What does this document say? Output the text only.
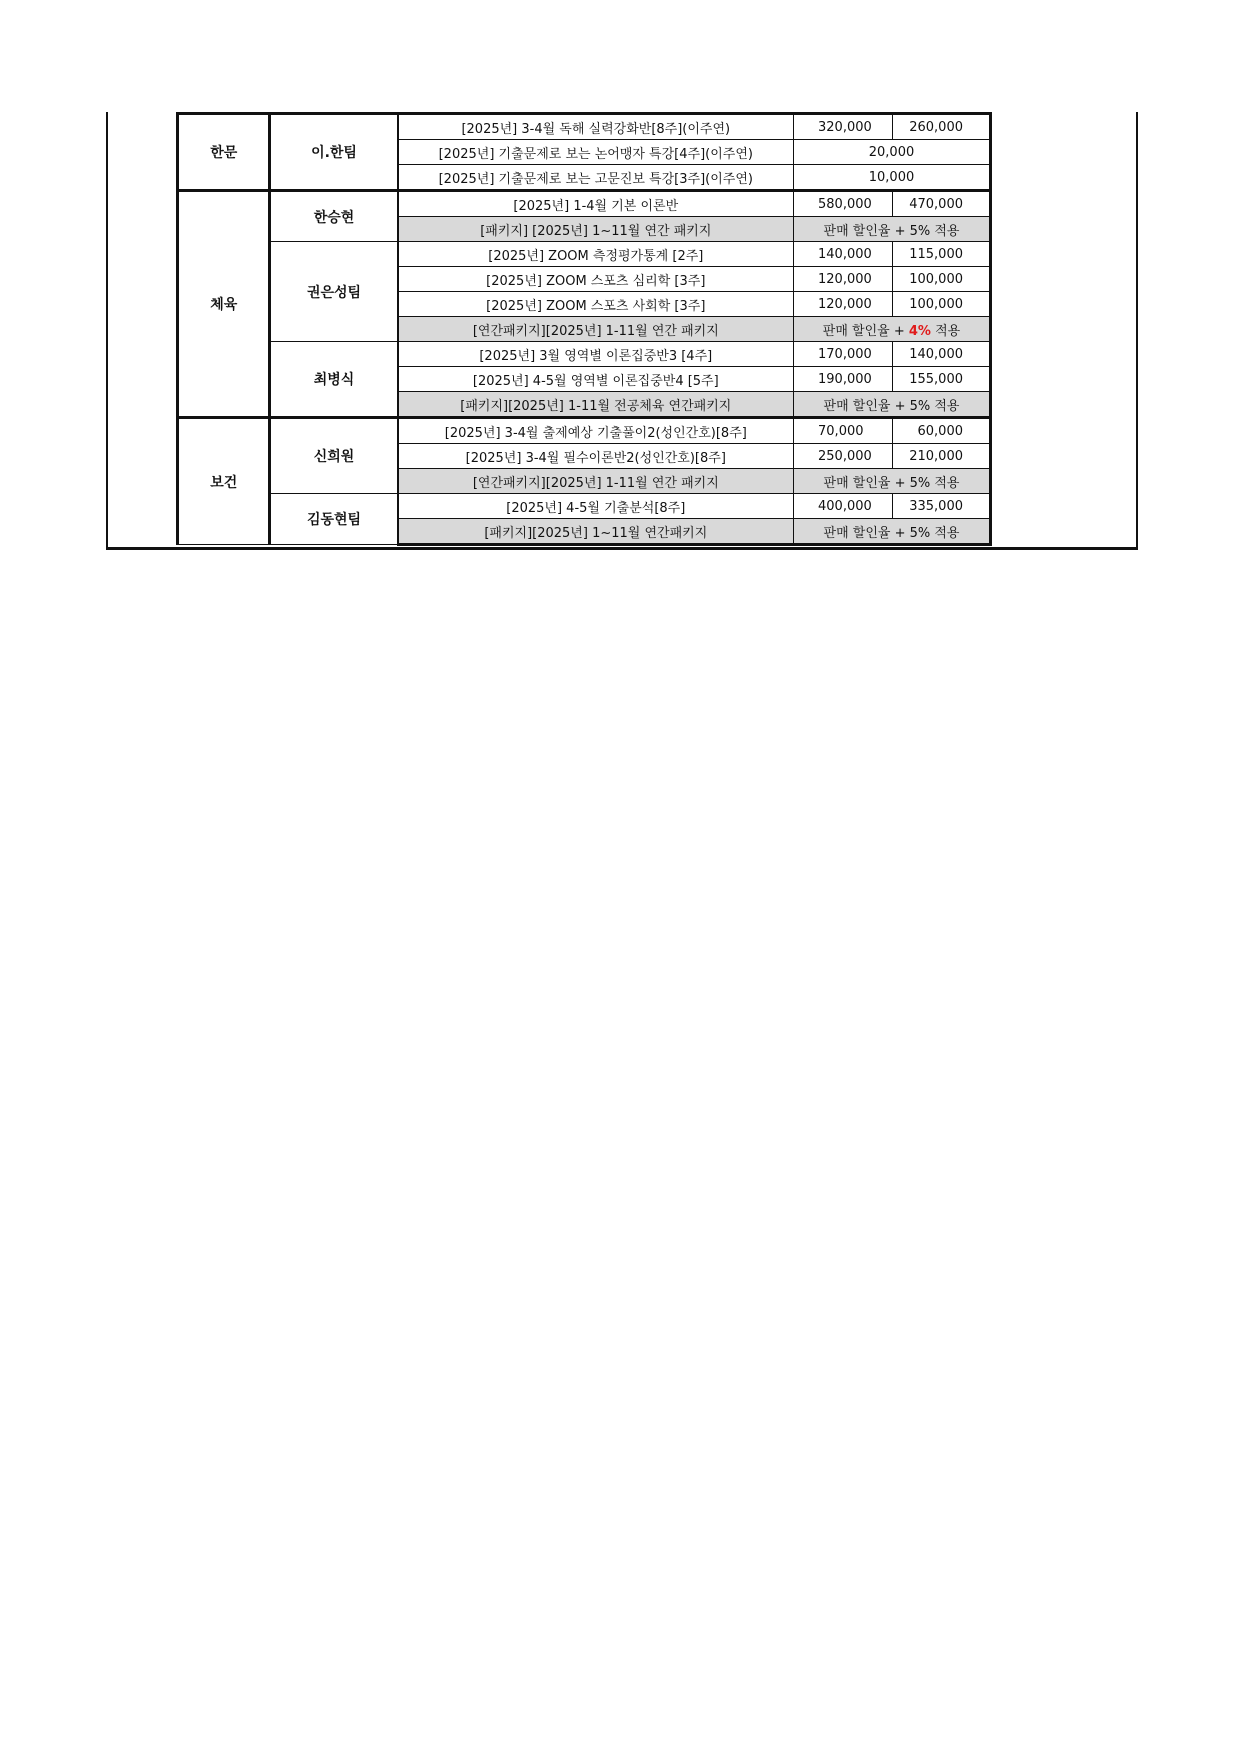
한문	이.한팀	[2025년] 3-4월 독해 실력강화반[8주](이주연)	320,000	260,000
		[2025년] 기출문제로 보는 논어맹자 특강[4주](이주연)	20,000	
		[2025년] 기출문제로 보는 고문진보 특강[3주](이주연)	10,000	
체육	한승현	[2025년] 1-4월 기본 이론반	580,000	470,000
		[패키지] [2025년] 1~11월 연간 패키지	판매 할인율 + 5% 적용	
	권은성팀	[2025년] ZOOM 측정평가통계 [2주]	140,000	115,000
		[2025년] ZOOM 스포츠 심리학 [3주]	120,000	100,000
		[2025년] ZOOM 스포츠 사회학 [3주]	120,000	100,000
		[연간패키지][2025년] 1-11월 연간 패키지	판매 할인율 + 4% 적용	
	최병식	[2025년] 3월 영역별 이론집중반3 [4주]	170,000	140,000
		[2025년] 4-5월 영역별 이론집중반4 [5주]	190,000	155,000
		[패키지][2025년] 1-11월 전공체육 연간패키지	판매 할인율 + 5% 적용	
보건	신희원	[2025년] 3-4월 출제예상 기출풀이2(성인간호)[8주]	70,000	60,000
		[2025년] 3-4월 필수이론반2(성인간호)[8주]	250,000	210,000
		[연간패키지][2025년] 1-11월 연간 패키지	판매 할인율 + 5% 적용	
	김동현팀	[2025년] 4-5월 기출분석[8주]	400,000	335,000
		[패키지][2025년] 1~11월 연간패키지	판매 할인율 + 5% 적용	
